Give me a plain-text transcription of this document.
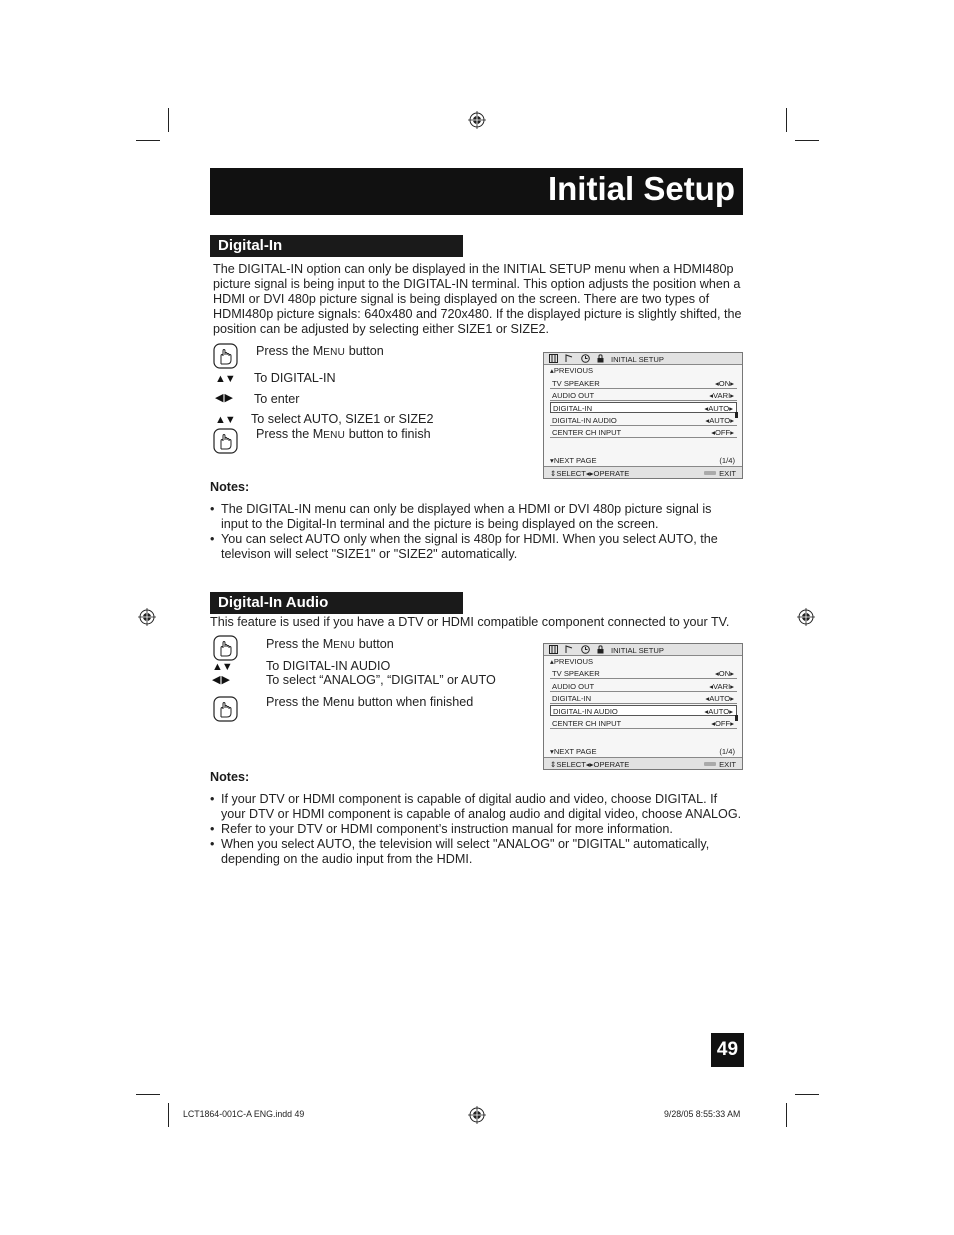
Initial Setup
Digital-In
The DIGITAL-IN option can only be displayed in the INITIAL SETUP menu when a HDMI480p picture signal is being input to the DIGITAL-IN terminal. This option adjusts the position when a HDMI or DVI 480p picture signal is being displayed on the screen. There are two types of HDMI480p picture signals: 640x480 and 720x480. If the displayed picture is slightly shifted, the position can be adjusted by selecting either SIZE1 or SIZE2.
Press the MENU button
▲▼ To DIGITAL-IN
◀ ▶ To enter
▲▼ To select AUTO, SIZE1 or SIZE2
Press the MENU button to finish
INITIAL SETUP
▴PREVIOUS
TV SPEAKER	◂ON▸
AUDIO OUT	◂VARI▸
DIGITAL-IN	◂AUTO▸
DIGITAL-IN AUDIO	◂AUTO▸
CENTER CH INPUT	◂OFF▸
▾NEXT PAGE	(1/4)
⇕SELECT◂▸OPERATE	EXIT
Notes:
• The DIGITAL-IN menu can only be displayed when a HDMI or DVI 480p picture signal is input to the Digital-In terminal and the picture is being displayed on the screen.
• You can select AUTO only when the signal is 480p for HDMI. When you select AUTO, the televison will select "SIZE1" or "SIZE2" automatically.
Digital-In Audio
This feature is used if you have a DTV or HDMI compatible component connected to your TV.
Press the MENU button
▲▼	To DIGITAL-IN AUDIO
◀ ▶	To select “ANALOG”, “DIGITAL” or AUTO
Press the Menu button when finished
INITIAL SETUP
▴PREVIOUS
TV SPEAKER	◂ON▸
AUDIO OUT	◂VARI▸
DIGITAL-IN	◂AUTO▸
DIGITAL-IN AUDIO	◂AUTO▸
CENTER CH INPUT	◂OFF▸
▾NEXT PAGE	(1/4)
⇕SELECT◂▸OPERATE	EXIT
Notes:
• If your DTV or HDMI component is capable of digital audio and video, choose DIGITAL. If your DTV or HDMI component is capable of analog audio and digital video, choose ANALOG.
• Refer to your DTV or HDMI component’s instruction manual for more information.
• When you select AUTO, the television will select "ANALOG" or "DIGITAL" automatically, depending on the audio input from the HDMI.
49
LCT1864-001C-A ENG.indd 49	9/28/05 8:55:33 AM
